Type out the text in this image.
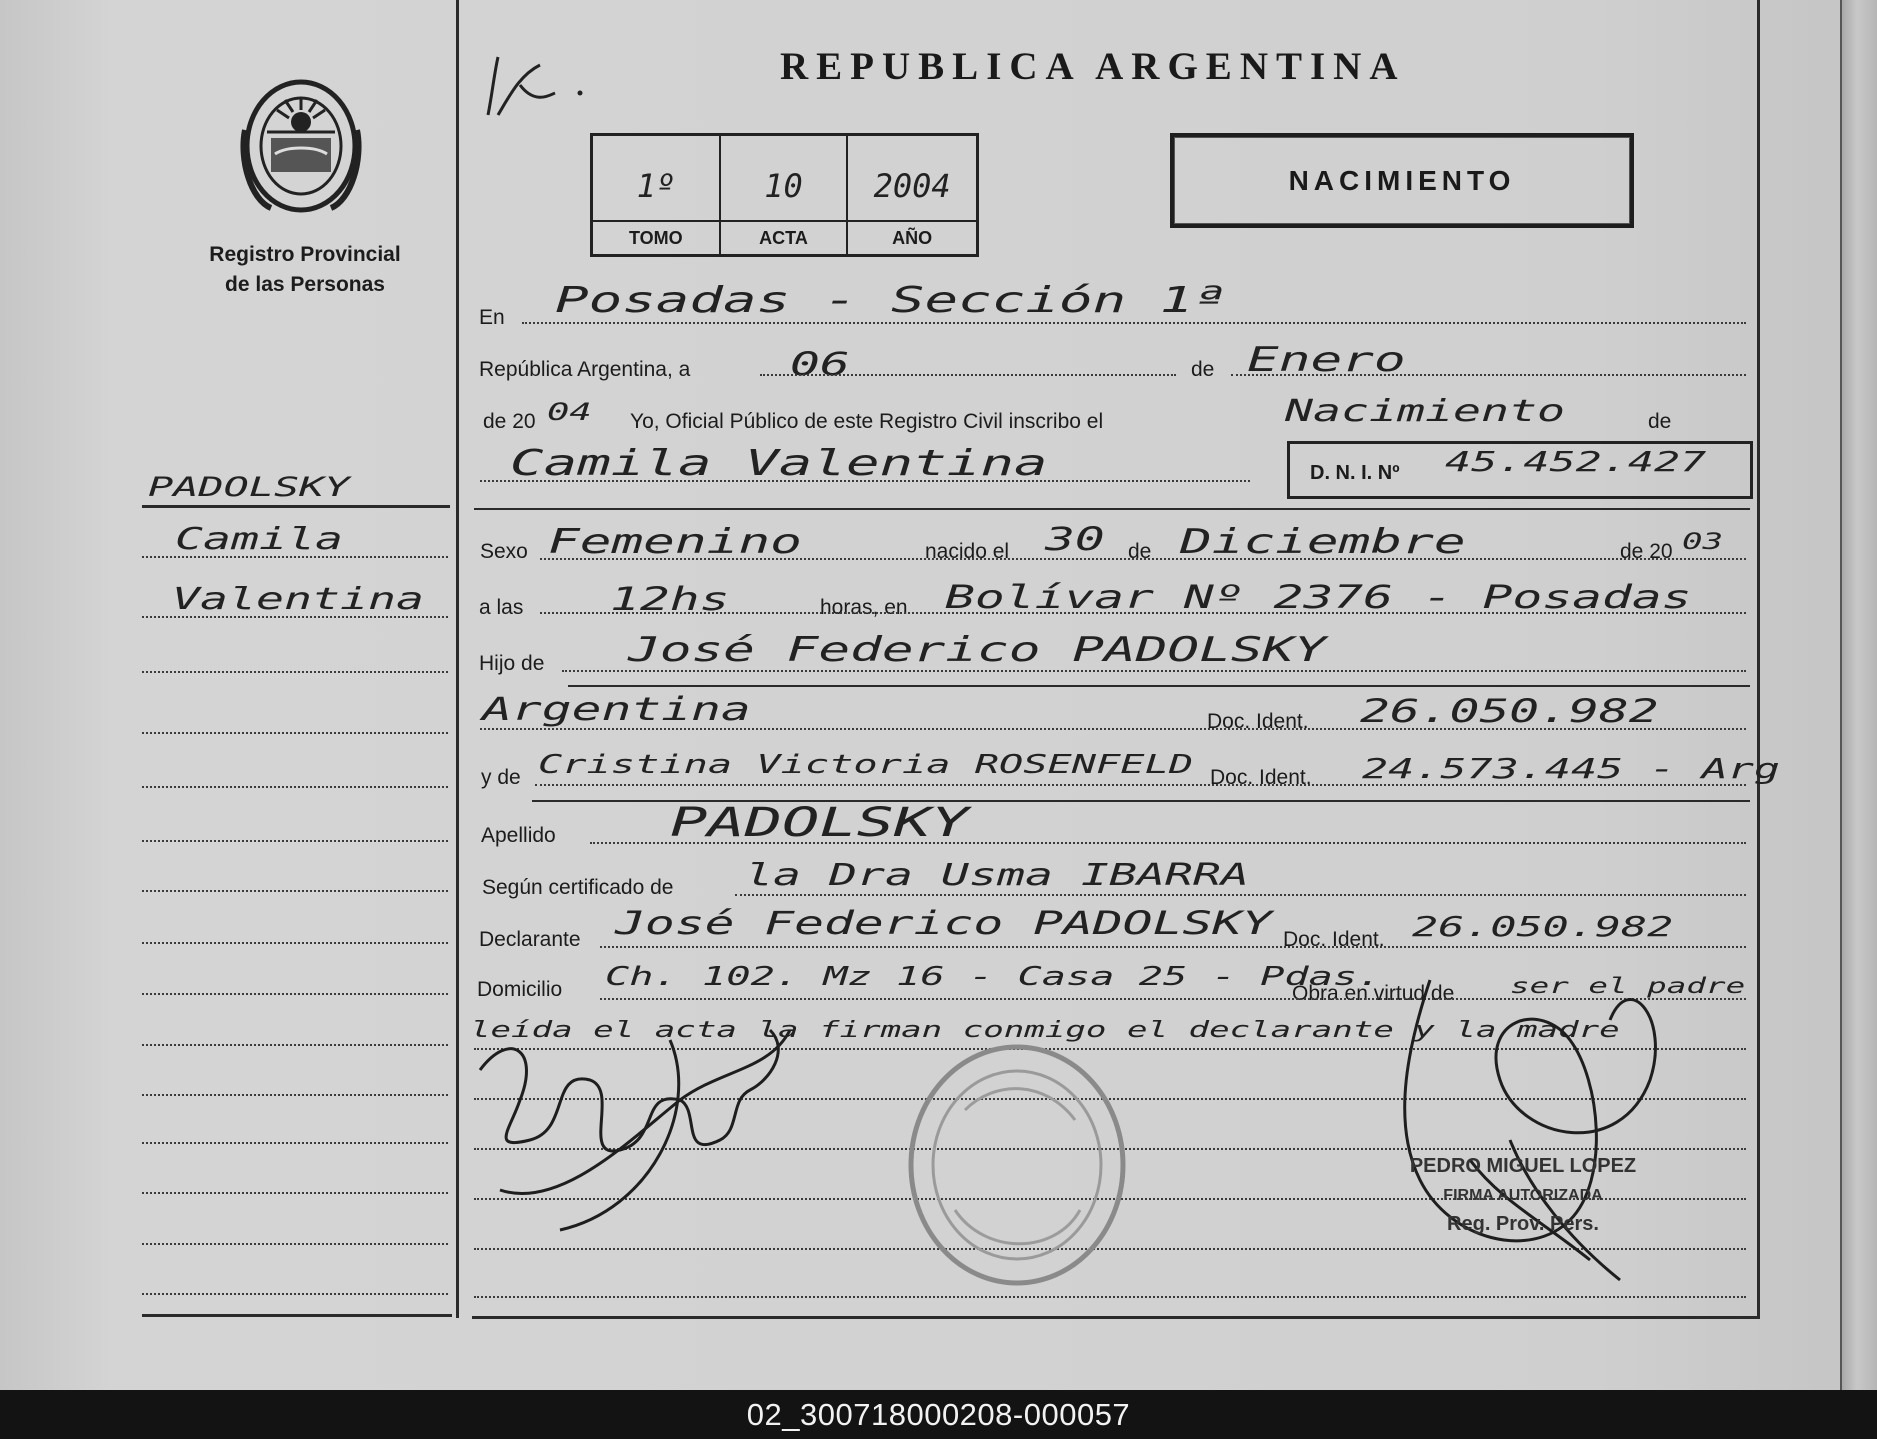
REPUBLICA ARGENTINA
Registro Provincial
de las Personas
1º	10	2004
TOMO	ACTA	AÑO
NACIMIENTO
PADOLSKY
Camila
Valentina
En Posadas - Sección 1ª
República Argentina, a	06	de Enero
de 20 04 Yo, Oficial Público de este Registro Civil inscribo el	Nacimiento	de
Camila Valentina	D. N. I. Nº 45.452.427
Sexo Femenino	nacido el 30 de Diciembre	de 20 03
a las	12hs	horas, en Bolívar Nº 2376 - Posadas
Hijo de José Federico PADOLSKY
Argentina	Doc. Ident. 26.050.982
y de Cristina Victoria ROSENFELD Doc. Ident. 24.573.445 - Arg
Apellido	PADOLSKY
Según certificado de la Dra Usma IBARRA
Declarante José Federico PADOLSKY Doc. Ident. 26.050.982
Domicilio Ch. 102. Mz 16 - Casa 25 - Pdas.
Obra en virtud de	ser el padre
leída el acta la firman conmigo el declarante y la madre
PEDRO MIGUEL LOPEZ
FIRMA AUTORIZADA
Reg. Prov. Pers.
02_300718000208-000057
